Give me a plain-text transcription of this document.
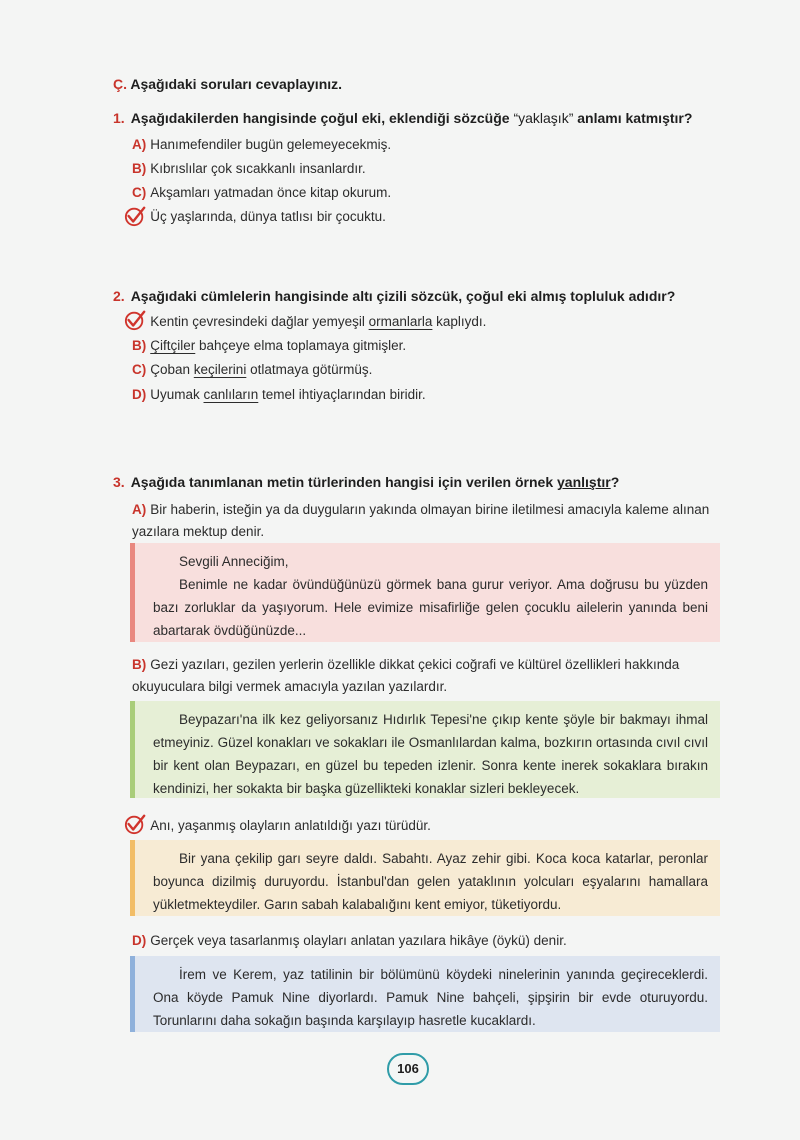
Ç. Aşağıdaki soruları cevaplayınız.
1. Aşağıdakilerden hangisinde çoğul eki, eklendiği sözcüğe “yaklaşık” anlamı katmıştır?
A) Hanımefendiler bugün gelemeyecekmiş.
B) Kıbrıslılar çok sıcakkanlı insanlardır.
C) Akşamları yatmadan önce kitap okurum.
Üç yaşlarında, dünya tatlısı bir çocuktu.
2. Aşağıdaki cümlelerin hangisinde altı çizili sözcük, çoğul eki almış topluluk adıdır?
Kentin çevresindeki dağlar yemyeşil ormanlarla kaplıydı.
B) Çiftçiler bahçeye elma toplamaya gitmişler.
C) Çoban keçilerini otlatmaya götürmüş.
D) Uyumak canlıların temel ihtiyaçlarından biridir.
3. Aşağıda tanımlanan metin türlerinden hangisi için verilen örnek yanlıştır?
A) Bir haberin, isteğin ya da duyguların yakında olmayan birine iletilmesi amacıyla kaleme alınan yazılara mektup denir.

Sevgili Anneciğim,

Benimle ne kadar övündüğünüzü görmek bana gurur veriyor. Ama doğrusu bu yüzden bazı zorluklar da yaşıyorum. Hele evimize misafirliğe gelen çocuklu ailelerin yanında beni abartarak övdüğünüzde...

B) Gezi yazıları, gezilen yerlerin özellikle dikkat çekici coğrafi ve kültürel özellikleri hakkında okuyuculara bilgi vermek amacıyla yazılan yazılardır.

Beypazarı'na ilk kez geliyorsanız Hıdırlık Tepesi'ne çıkıp kente şöyle bir bakmayı ihmal etmeyiniz. Güzel konakları ve sokakları ile Osmanlılardan kalma, bozkırın ortasında cıvıl cıvıl bir kent olan Beypazarı, en güzel bu tepeden izlenir. Sonra kente inerek sokaklara bırakın kendinizi, her sokakta bir başka güzellikteki konaklar sizleri bekleyecek.

Anı, yaşanmış olayların anlatıldığı yazı türüdür.

Bir yana çekilip garı seyre daldı. Sabahtı. Ayaz zehir gibi. Koca koca katarlar, peronlar boyunca dizilmiş duruyordu. İstanbul'dan gelen yataklının yolcuları eşyalarını hamallara yükletmekteydiler. Garın sabah kalabalığını kent emiyor, tüketiyordu.

D) Gerçek veya tasarlanmış olayları anlatan yazılara hikâye (öykü) denir.

İrem ve Kerem, yaz tatilinin bir bölümünü köydeki ninelerinin yanında geçireceklerdi. Ona köyde Pamuk Nine diyorlardı. Pamuk Nine bahçeli, şipşirin bir evde oturuyordu. Torunlarını daha sokağın başında karşılayıp hasretle kucaklardı.

106
